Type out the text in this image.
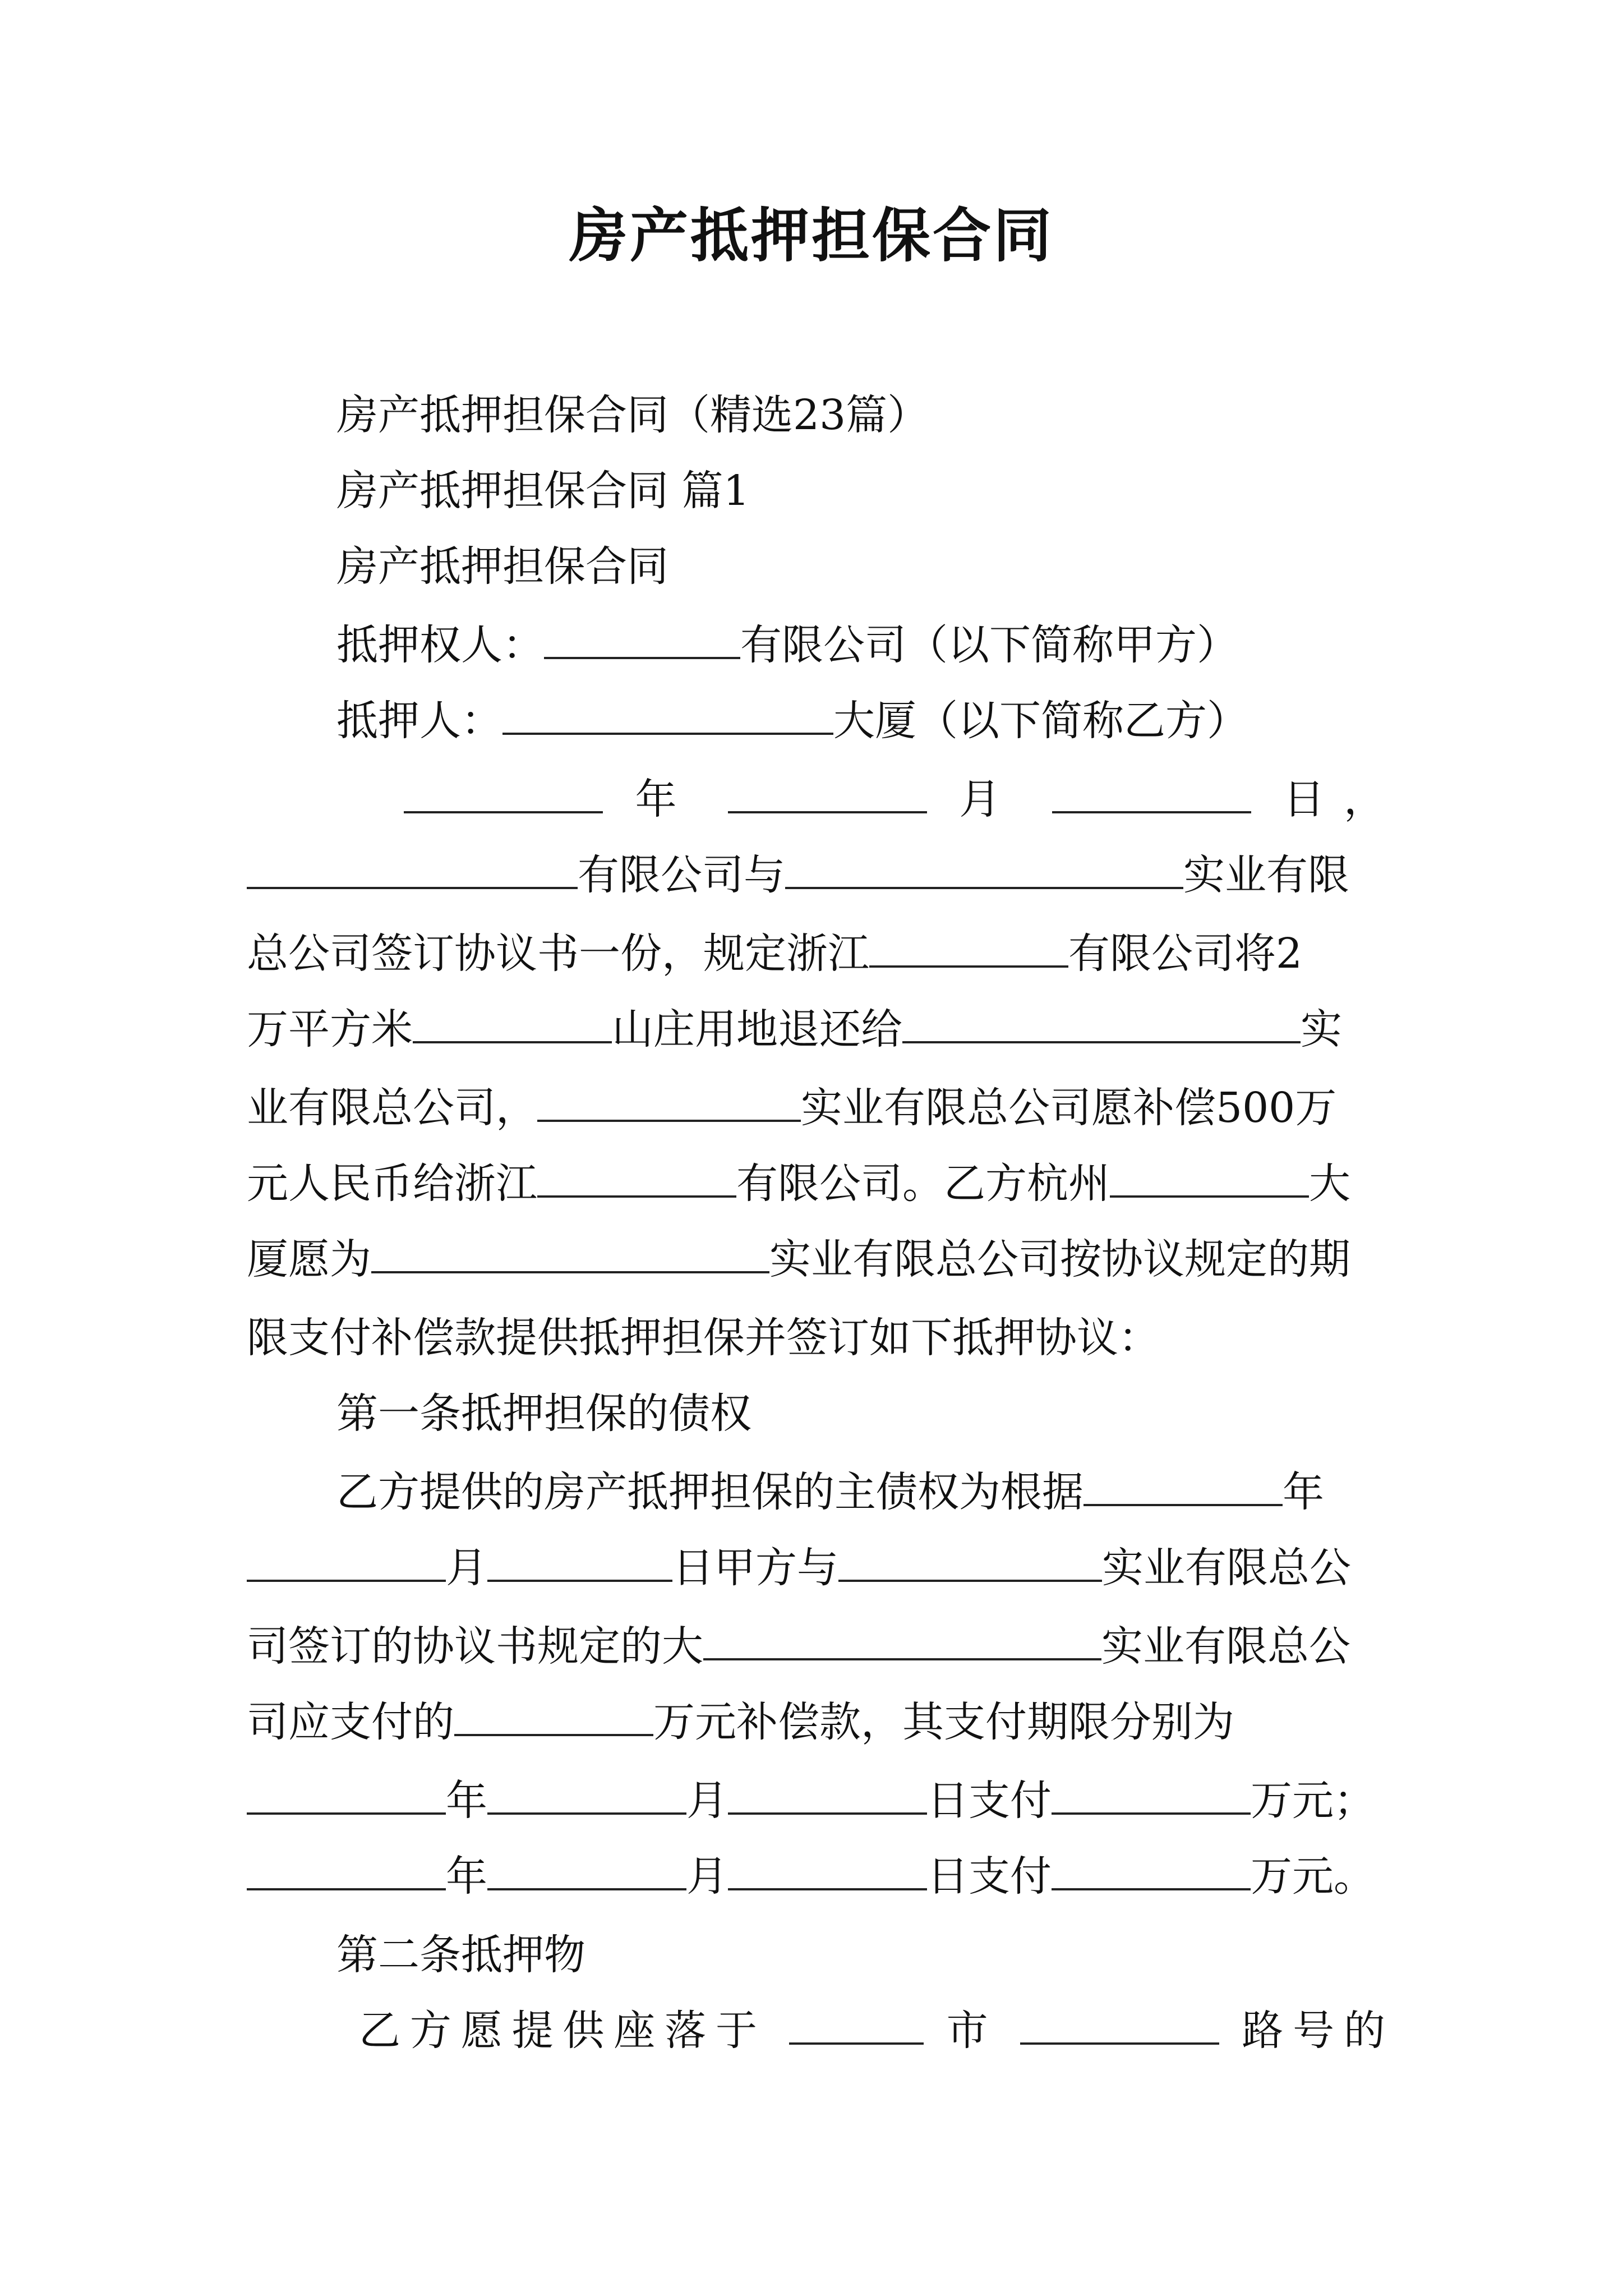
房产抵押担保合同
房产抵押担保合同（精选23篇）
房产抵押担保合同 篇1
房产抵押担保合同
抵押权人：	有限公司（以下简称甲方）
抵押人：	大厦（以下简称乙方）
年	月	日，
有限公司与	实业有限
总公司签订协议书一份，规定浙江	有限公司将2
万平方米	山庄用地退还给	实
业有限总公司，	实业有限总公司愿补偿500万
元人民币给浙江	有限公司。乙方杭州	大
厦愿为	实业有限总公司按协议规定的期
限支付补偿款提供抵押担保并签订如下抵押协议：
第一条抵押担保的债权
乙方提供的房产抵押担保的主债权为根据	年
月	日甲方与	实业有限总公
司签订的协议书规定的大	实业有限总公
司应支付的	万元补偿款，其支付期限分别为
年	月	日支付	万元；
年	月	日支付	万元。
第二条抵押物
乙方愿提供座落于	市	路号的
